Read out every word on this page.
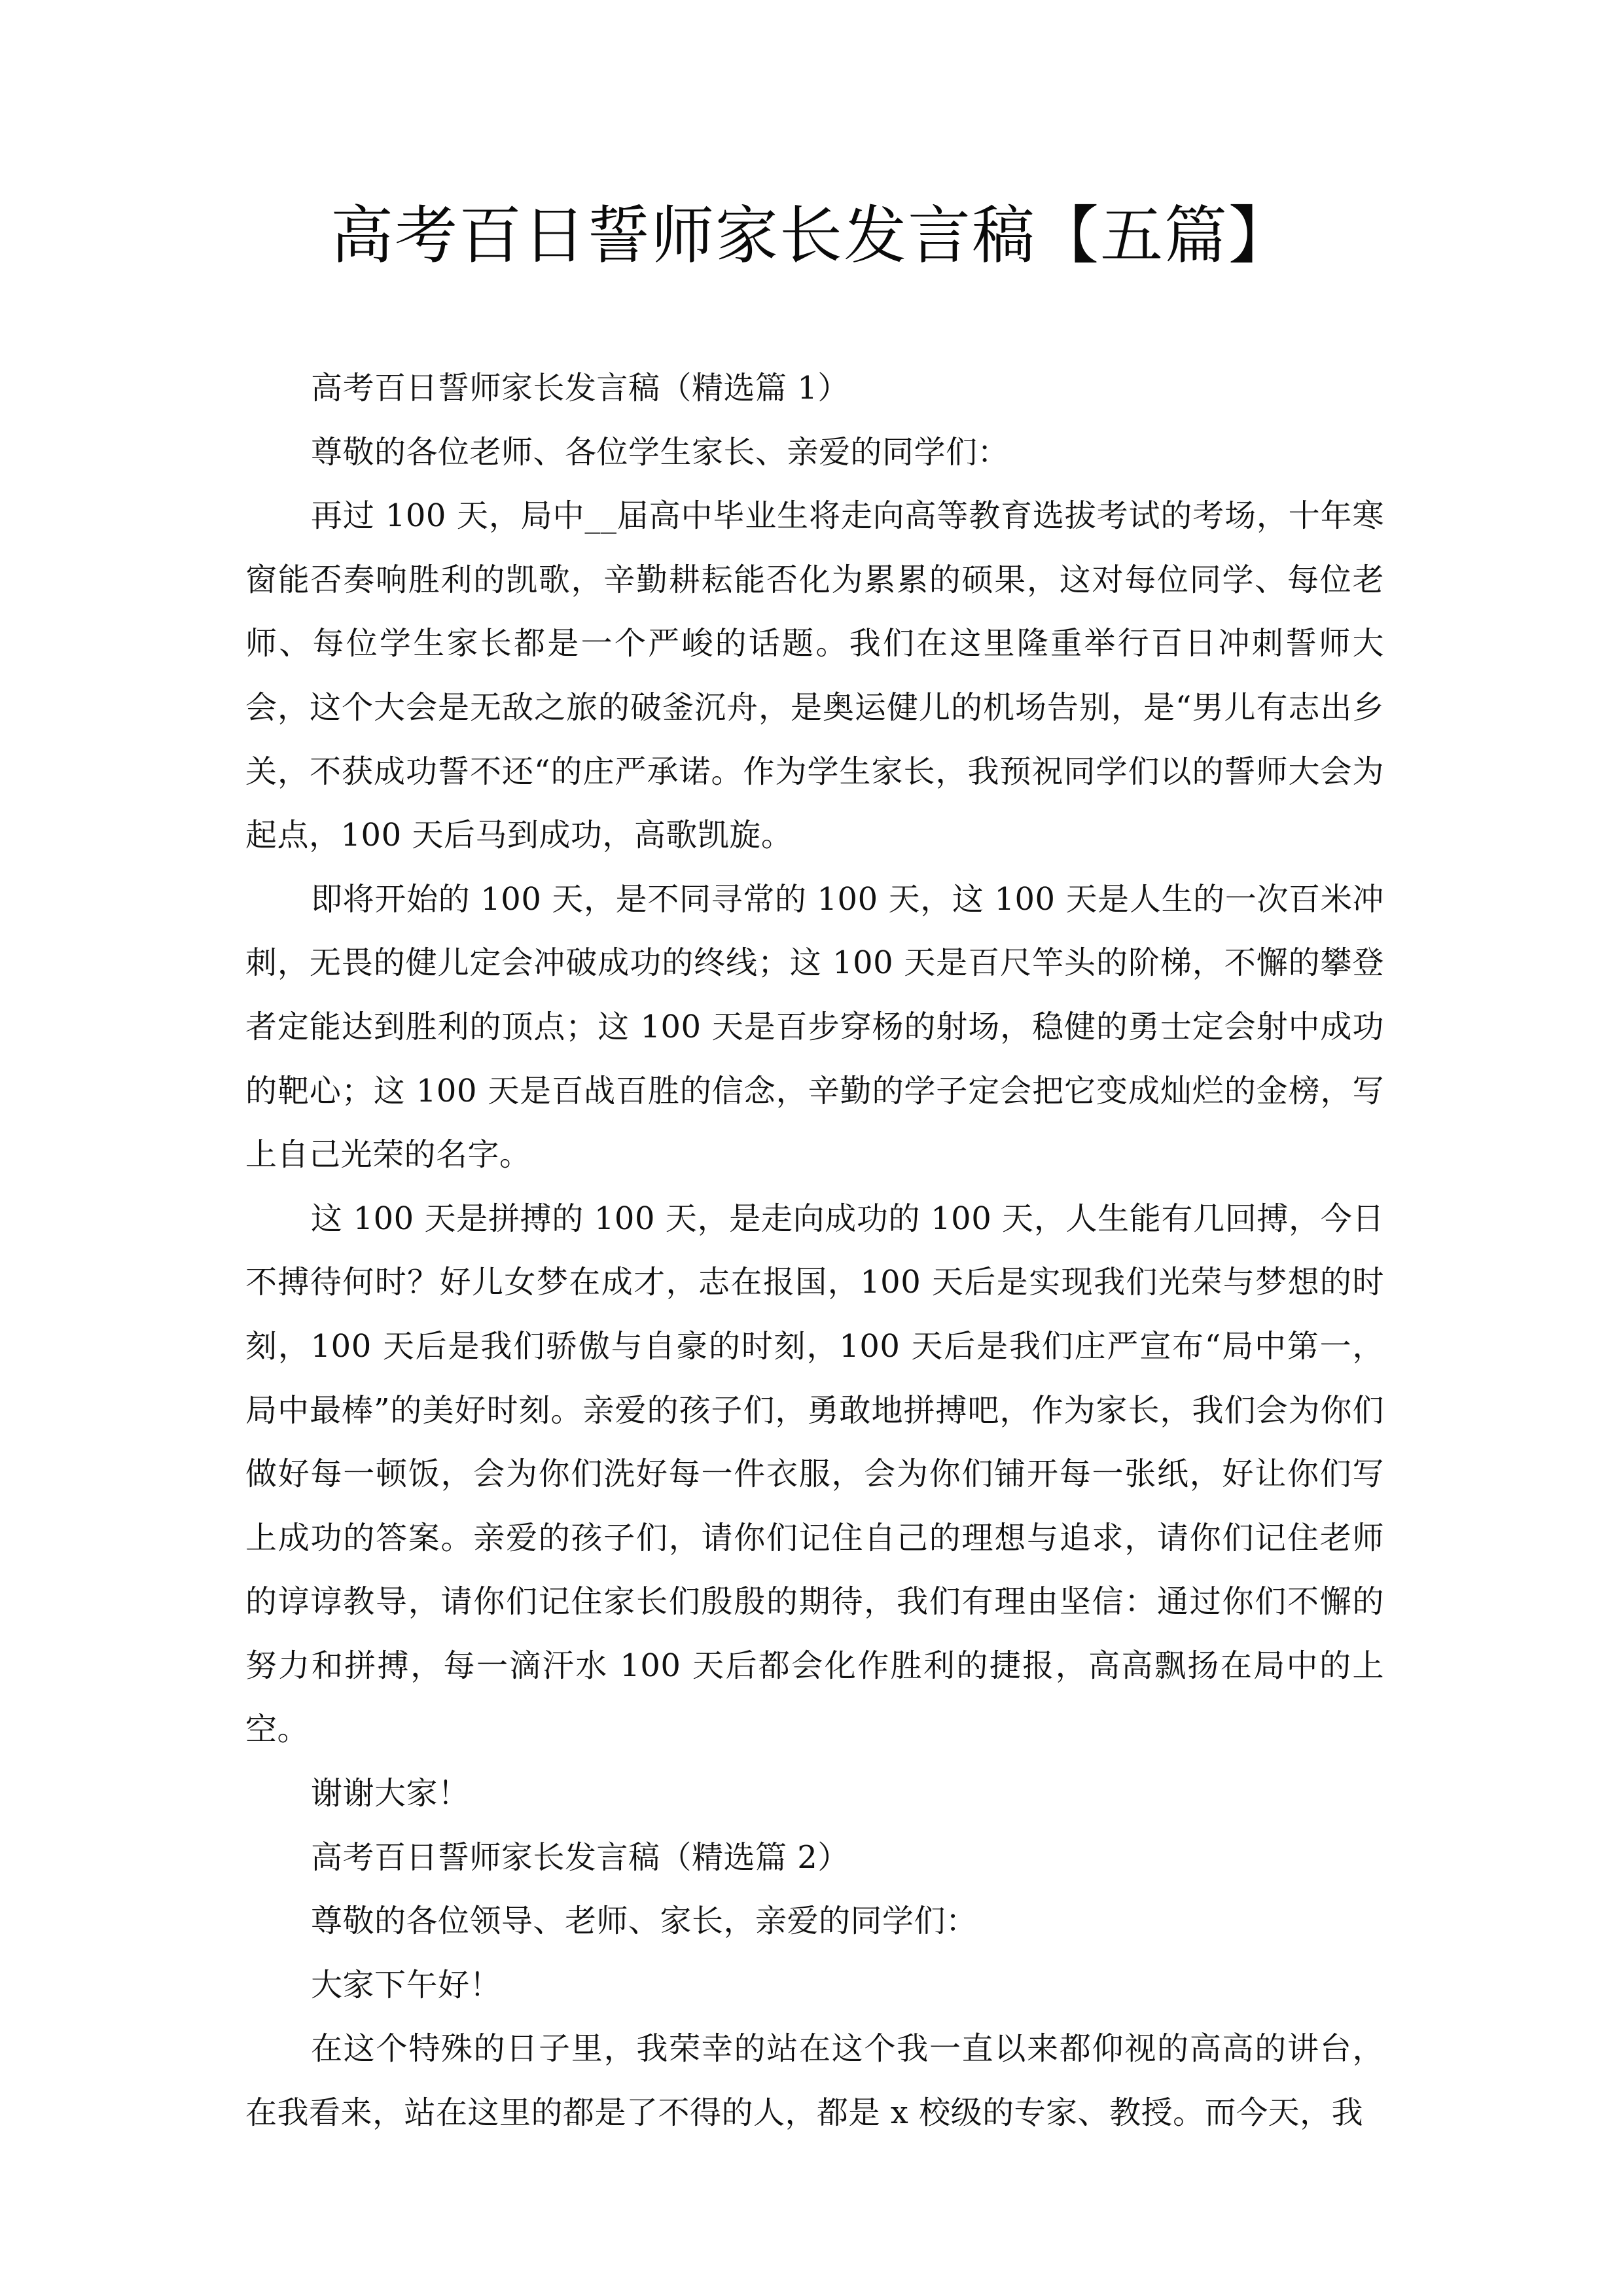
高考百日誓师家长发言稿【五篇】

高考百日誓师家长发言稿（精选篇 1）

尊敬的各位老师、各位学生家长、亲爱的同学们：

再过 100 天，局中__届高中毕业生将走向高等教育选拔考试的考场，十年寒窗能否奏响胜利的凯歌，辛勤耕耘能否化为累累的硕果，这对每位同学、每位老师、每位学生家长都是一个严峻的话题。我们在这里隆重举行百日冲刺誓师大会，这个大会是无敌之旅的破釜沉舟，是奥运健儿的机场告别，是“男儿有志出乡关，不获成功誓不还“的庄严承诺。作为学生家长，我预祝同学们以的誓师大会为起点，100 天后马到成功，高歌凯旋。

即将开始的 100 天，是不同寻常的 100 天，这 100 天是人生的一次百米冲刺，无畏的健儿定会冲破成功的终线；这 100 天是百尺竿头的阶梯，不懈的攀登者定能达到胜利的顶点；这 100 天是百步穿杨的射场，稳健的勇士定会射中成功的靶心；这 100 天是百战百胜的信念，辛勤的学子定会把它变成灿烂的金榜，写上自己光荣的名字。

这 100 天是拼搏的 100 天，是走向成功的 100 天，人生能有几回搏，今日不搏待何时？好儿女梦在成才，志在报国，100 天后是实现我们光荣与梦想的时刻，100 天后是我们骄傲与自豪的时刻，100 天后是我们庄严宣布“局中第一，局中最棒”的美好时刻。亲爱的孩子们，勇敢地拼搏吧，作为家长，我们会为你们做好每一顿饭，会为你们洗好每一件衣服，会为你们铺开每一张纸，好让你们写上成功的答案。亲爱的孩子们，请你们记住自己的理想与追求，请你们记住老师的谆谆教导，请你们记住家长们殷殷的期待，我们有理由坚信：通过你们不懈的努力和拼搏，每一滴汗水 100 天后都会化作胜利的捷报，高高飘扬在局中的上空。

谢谢大家！

高考百日誓师家长发言稿（精选篇 2）

尊敬的各位领导、老师、家长，亲爱的同学们：

大家下午好！

在这个特殊的日子里，我荣幸的站在这个我一直以来都仰视的高高的讲台，在我看来，站在这里的都是了不得的人，都是 x 校级的专家、教授。而今天，我
